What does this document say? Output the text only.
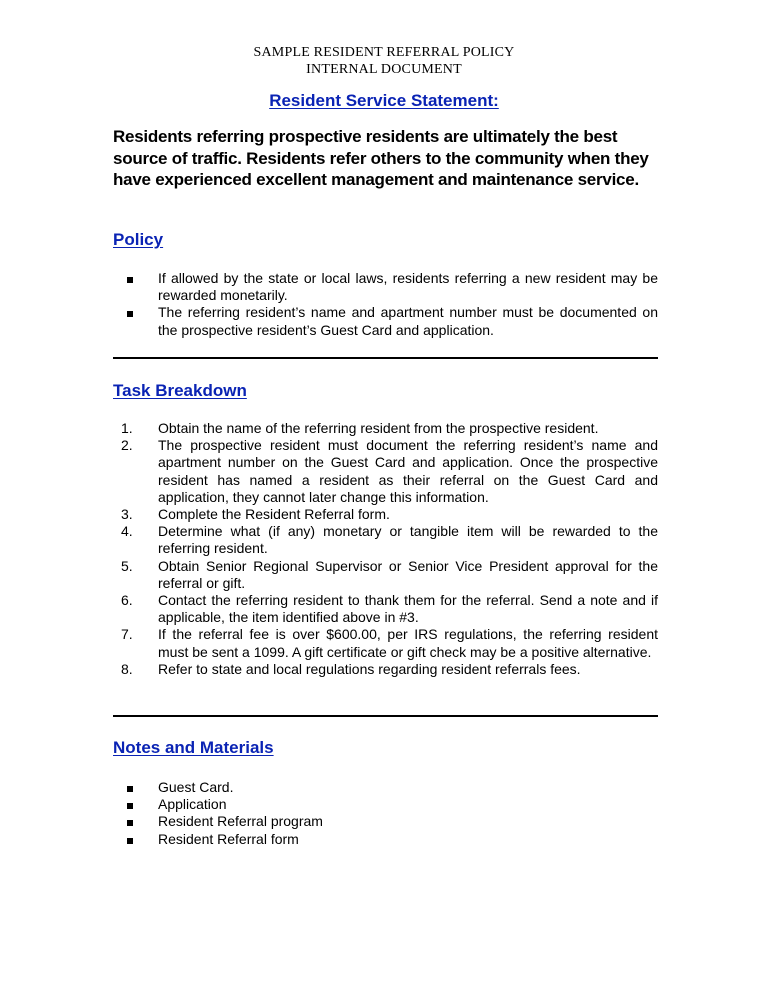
SAMPLE RESIDENT REFERRAL POLICY
INTERNAL DOCUMENT
Resident Service Statement:
Residents referring prospective residents are ultimately the best source of traffic. Residents refer others to the community when they have experienced excellent management and maintenance service.
Policy
If allowed by the state or local laws, residents referring a new resident may be rewarded monetarily.
The referring resident’s name and apartment number must be documented on the prospective resident’s Guest Card and application.
Task Breakdown
1.	Obtain the name of the referring resident from the prospective resident.
2.	The prospective resident must document the referring resident’s name and apartment number on the Guest Card and application. Once the prospective resident has named a resident as their referral on the Guest Card and application, they cannot later change this information.
3.	Complete the Resident Referral form.
4.	Determine what (if any) monetary or tangible item will be rewarded to the referring resident.
5.	Obtain Senior Regional Supervisor or Senior Vice President approval for the referral or gift.
6.	Contact the referring resident to thank them for the referral. Send a note and if applicable, the item identified above in #3.
7.	If the referral fee is over $600.00, per IRS regulations, the referring resident must be sent a 1099. A gift certificate or gift check may be a positive alternative.
8.	Refer to state and local regulations regarding resident referrals fees.
Notes and Materials
Guest Card.
Application
Resident Referral program
Resident Referral form
